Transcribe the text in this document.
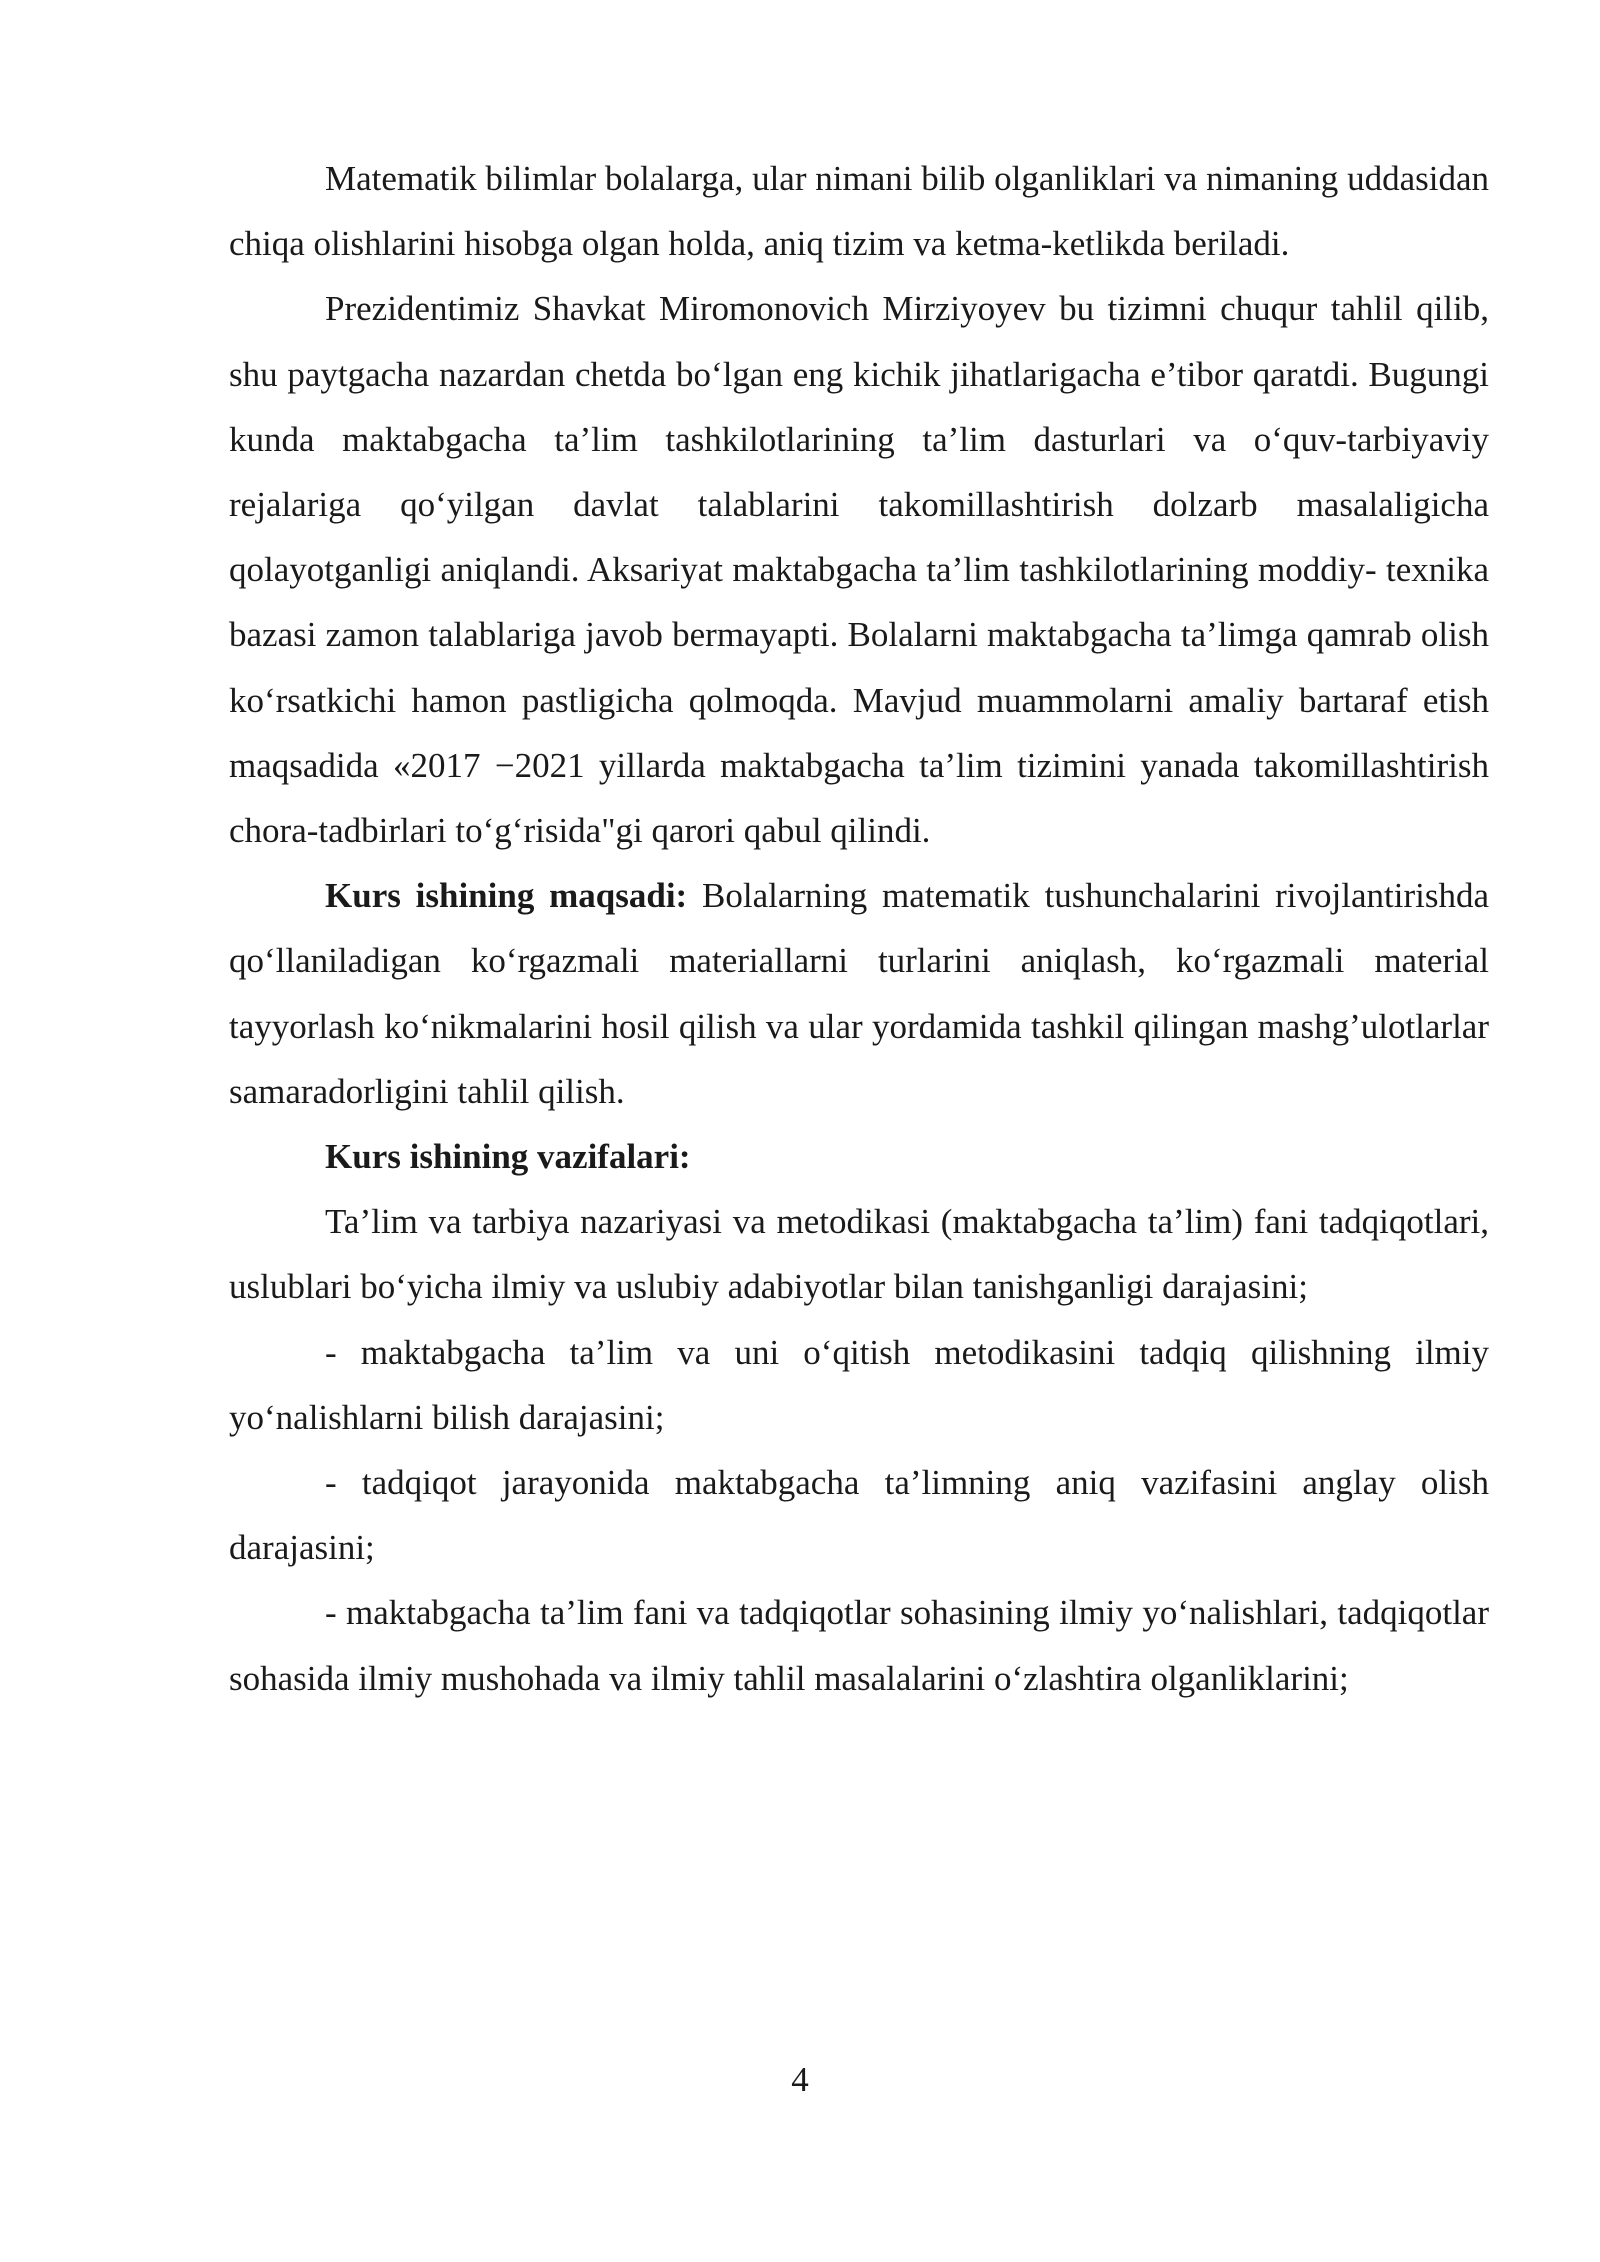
Matematik bilimlar bolalarga, ular nimani bilib olganliklari va nimaning uddasidan chiqa olishlarini hisobga olgan holda, aniq tizim va ketma-ketlikda beriladi.

Prezidentimiz Shavkat Miromonovich Mirziyoyev bu tizimni chuqur tahlil qilib, shu paytgacha nazardan chetda bo‘lgan eng kichik jihatlarigacha e’tibor qaratdi. Bugungi kunda maktabgacha ta’lim tashkilotlarining ta’lim dasturlari va o‘quv-tarbiyaviy rejalariga qo‘yilgan davlat talablarini takomillashtirish dolzarb masalaligicha qolayotganligi aniqlandi. Aksariyat maktabgacha ta’lim tashkilotlarining moddiy- texnika bazasi zamon talablariga javob bermayapti. Bolalarni maktabgacha ta’limga qamrab olish ko‘rsatkichi hamon pastligicha qolmoqda. Mavjud muammolarni amaliy bartaraf etish maqsadida «2017 −2021 yillarda maktabgacha ta’lim tizimini yanada takomillashtirish chora-tadbirlari to‘g‘risida"gi qarori qabul qilindi.

Kurs ishining maqsadi: Bolalarning matematik tushunchalarini rivojlantirishda qo‘llaniladigan ko‘rgazmali materiallarni turlarini aniqlash, ko‘rgazmali material tayyorlash ko‘nikmalarini hosil qilish va ular yordamida tashkil qilingan mashg’ulotlarlar samaradorligini tahlil qilish.

Kurs ishining vazifalari:

Ta’lim va tarbiya nazariyasi va metodikasi (maktabgacha ta’lim) fani tadqiqotlari, uslublari bo‘yicha ilmiy va uslubiy adabiyotlar bilan tanishganligi darajasini;

- maktabgacha ta’lim va uni o‘qitish metodikasini tadqiq qilishning ilmiy yo‘nalishlarni bilish darajasini;

- tadqiqot jarayonida maktabgacha ta’limning aniq vazifasini anglay olish darajasini;

- maktabgacha ta’lim fani va tadqiqotlar sohasining ilmiy yo‘nalishlari, tadqiqotlar sohasida ilmiy mushohada va ilmiy tahlil masalalarini o‘zlashtira olganliklarini;

4
